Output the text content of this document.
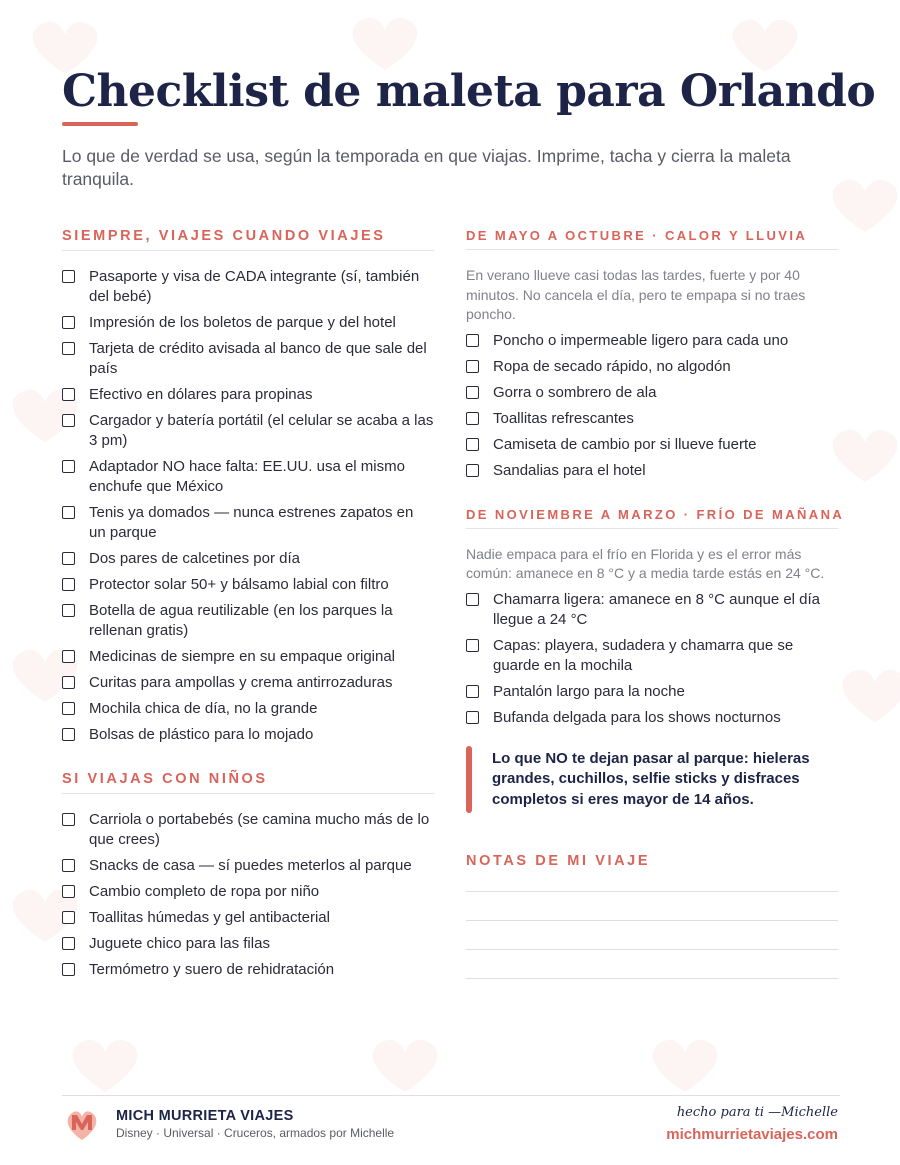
Checklist de maleta para Orlando
Lo que de verdad se usa, según la temporada en que viajas. Imprime, tacha y cierra la maleta tranquila.
SIEMPRE, VIAJES CUANDO VIAJES
Pasaporte y visa de CADA integrante (sí, también del bebé)
Impresión de los boletos de parque y del hotel
Tarjeta de crédito avisada al banco de que sale del país
Efectivo en dólares para propinas
Cargador y batería portátil (el celular se acaba a las 3 pm)
Adaptador NO hace falta: EE.UU. usa el mismo enchufe que México
Tenis ya domados — nunca estrenes zapatos en un parque
Dos pares de calcetines por día
Protector solar 50+ y bálsamo labial con filtro
Botella de agua reutilizable (en los parques la rellenan gratis)
Medicinas de siempre en su empaque original
Curitas para ampollas y crema antirrozaduras
Mochila chica de día, no la grande
Bolsas de plástico para lo mojado
SI VIAJAS CON NIÑOS
Carriola o portabebés (se camina mucho más de lo que crees)
Snacks de casa — sí puedes meterlos al parque
Cambio completo de ropa por niño
Toallitas húmedas y gel antibacterial
Juguete chico para las filas
Termómetro y suero de rehidratación
DE MAYO A OCTUBRE · CALOR Y LLUVIA
En verano llueve casi todas las tardes, fuerte y por 40 minutos. No cancela el día, pero te empapa si no traes poncho.
Poncho o impermeable ligero para cada uno
Ropa de secado rápido, no algodón
Gorra o sombrero de ala
Toallitas refrescantes
Camiseta de cambio por si llueve fuerte
Sandalias para el hotel
DE NOVIEMBRE A MARZO · FRÍO DE MAÑANA
Nadie empaca para el frío en Florida y es el error más común: amanece en 8 °C y a media tarde estás en 24 °C.
Chamarra ligera: amanece en 8 °C aunque el día llegue a 24 °C
Capas: playera, sudadera y chamarra que se guarde en la mochila
Pantalón largo para la noche
Bufanda delgada para los shows nocturnos
Lo que NO te dejan pasar al parque: hieleras grandes, cuchillos, selfie sticks y disfraces completos si eres mayor de 14 años.
NOTAS DE MI VIAJE
MICH MURRIETA VIAJES
Disney · Universal · Cruceros, armados por Michelle
hecho para ti —Michelle
michmurrietaviajes.com
